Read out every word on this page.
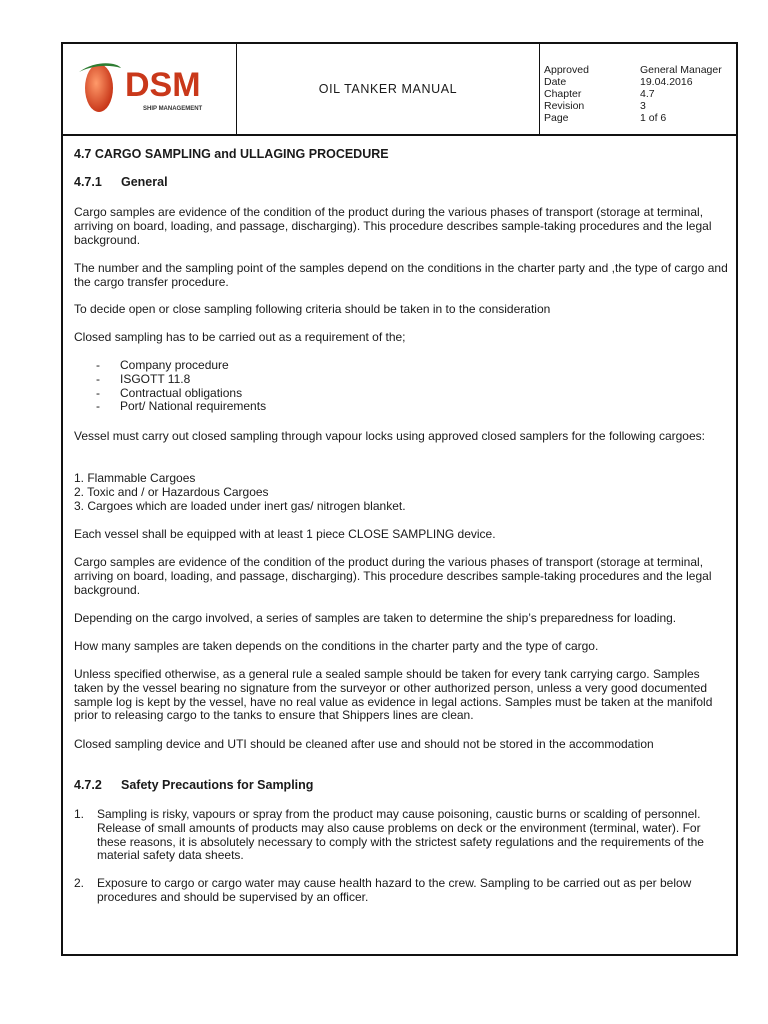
DSM
SHIP MANAGEMENT
OIL TANKER MANUAL
Approved	General Manager
Date	19.04.2016
Chapter	4.7
Revision	3
Page	1 of 6
4.7 CARGO SAMPLING and ULLAGING PROCEDURE
4.7.1 General

Cargo samples are evidence of the condition of the product during the various phases of transport (storage at terminal, arriving on board, loading, and passage, discharging). This procedure describes sample-taking procedures and the legal background.

The number and the sampling point of the samples depend on the conditions in the charter party and ,the type of cargo and the cargo transfer procedure.

To decide open or close sampling following criteria should be taken in to the consideration

Closed sampling has to be carried out as a requirement of the;

- Company procedure
- ISGOTT 11.8
- Contractual obligations
- Port/ National requirements

Vessel must carry out closed sampling through vapour locks using approved closed samplers for the following cargoes:

1. Flammable Cargoes
2. Toxic and / or Hazardous Cargoes
3. Cargoes which are loaded under inert gas/ nitrogen blanket.

Each vessel shall be equipped with at least 1 piece CLOSE SAMPLING device.

Cargo samples are evidence of the condition of the product during the various phases of transport (storage at terminal, arriving on board, loading, and passage, discharging). This procedure describes sample-taking procedures and the legal background.

Depending on the cargo involved, a series of samples are taken to determine the ship’s preparedness for loading.

How many samples are taken depends on the conditions in the charter party and the type of cargo.

Unless specified otherwise, as a general rule a sealed sample should be taken for every tank carrying cargo. Samples taken by the vessel bearing no signature from the surveyor or other authorized person, unless a very good documented sample log is kept by the vessel, have no real value as evidence in legal actions. Samples must be taken at the manifold prior to releasing cargo to the tanks to ensure that Shippers lines are clean.

Closed sampling device and UTI should be cleaned after use and should not be stored in the accommodation

4.7.2 Safety Precautions for Sampling
1. Sampling is risky, vapours or spray from the product may cause poisoning, caustic burns or scalding of personnel. Release of small amounts of products may also cause problems on deck or the environment (terminal, water). For these reasons, it is absolutely necessary to comply with the strictest safety regulations and the requirements of the material safety data sheets.
2. Exposure to cargo or cargo water may cause health hazard to the crew. Sampling to be carried out as per below procedures and should be supervised by an officer.
